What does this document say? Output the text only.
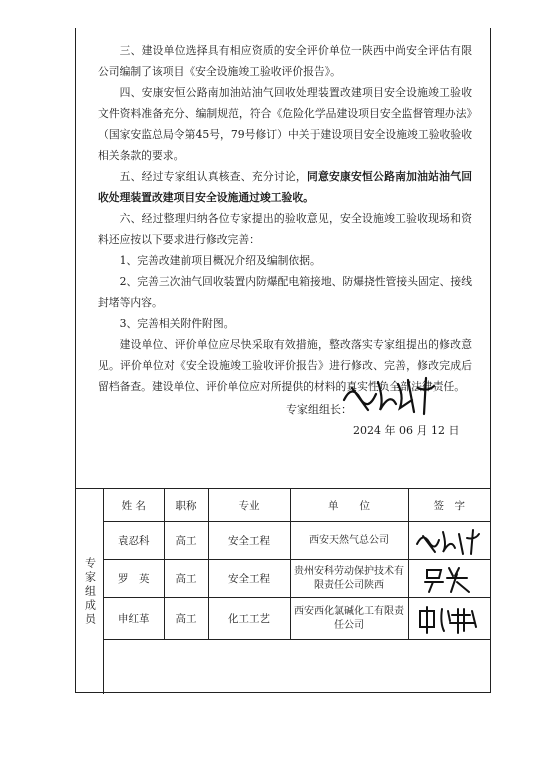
三、建设单位选择具有相应资质的安全评价单位一陕西中尚安全评估有限公司编制了该项目《安全设施竣工验收评价报告》。

四、安康安恒公路南加油站油气回收处理装置改建项目安全设施竣工验收文件资料准备充分、编制规范，符合《危险化学品建设项目安全监督管理办法》（国家安监总局令第45号，79号修订）中关于建设项目安全设施竣工验收验收相关条款的要求。

五、经过专家组认真核查、充分讨论，同意安康安恒公路南加油站油气回收处理装置改建项目安全设施通过竣工验收。

六、经过整理归纳各位专家提出的验收意见，安全设施竣工验收现场和资料还应按以下要求进行修改完善：

1、完善改建前项目概况介绍及编制依据。

2、完善三次油气回收装置内防爆配电箱接地、防爆挠性管接头固定、接线封堵等内容。

3、完善相关附件附图。

建设单位、评价单位应尽快采取有效措施，整改落实专家组提出的修改意见。评价单位对《安全设施竣工验收评价报告》进行修改、完善，修改完成后留档备查。建设单位、评价单位应对所提供的材料的真实性负全部法律责任。

专家组组长：
2024 年 06 月 12 日
专家组成员
姓 名	职称	专业	单　　位	签　字
袁忍科	高工	安全工程	西安天然气总公司	

罗　英	高工	安全工程	贵州安科劳动保护技术有限责任公司陕西	

申红革	高工	化工工艺	西安西化氯碱化工有限责任公司	
